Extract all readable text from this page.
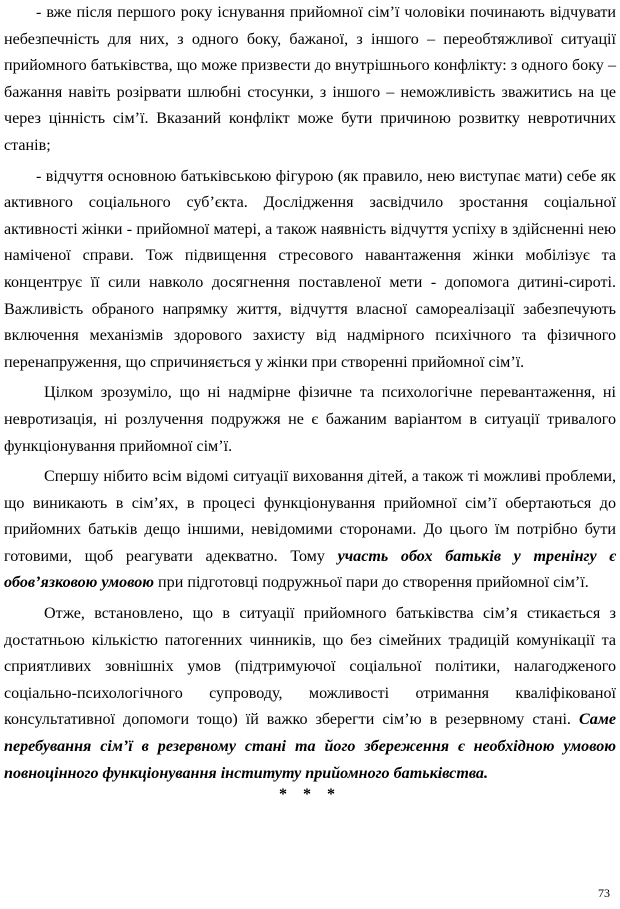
- вже після першого року існування прийомної сім’ї чоловіки починають відчувати небезпечність для них, з одного боку, бажаної, з іншого – переобтяжливої ситуації прийомного батьківства, що може призвести до внутрішнього конфлікту: з одного боку – бажання навіть розірвати шлюбні стосунки, з іншого – неможливість зважитись на це через цінність сім’ї. Вказаний конфлікт може бути причиною розвитку невротичних станів;

- відчуття основною батьківською фігурою (як правило, нею виступає мати) себе як активного соціального суб’єкта. Дослідження засвідчило зростання соціальної активності жінки - прийомної матері, а також наявність відчуття успіху в здійсненні нею наміченої справи. Тож підвищення стресового навантаження жінки мобілізує та концентрує її сили навколо досягнення поставленої мети - допомога дитині-сироті. Важливість обраного напрямку життя, відчуття власної самореалізації забезпечують включення механізмів здорового захисту від надмірного психічного та фізичного перенапруження, що спричиняється у жінки при створенні прийомної сім’ї.

Цілком зрозуміло, що ні надмірне фізичне та психологічне перевантаження, ні невротизація, ні розлучення подружжя не є бажаним варіантом в ситуації тривалого функціонування прийомної сім’ї.

Спершу нібито всім відомі ситуації виховання дітей, а також ті можливі проблеми, що виникають в сім’ях, в процесі функціонування прийомної сім’ї обертаються до прийомних батьків дещо іншими, невідомими сторонами. До цього їм потрібно бути готовими, щоб реагувати адекватно. Тому участь обох батьків у тренінгу є обов’язковою умовою при підготовці подружньої пари до створення прийомної сім’ї.

Отже, встановлено, що в ситуації прийомного батьківства сім’я стикається з достатньою кількістю патогенних чинників, що без сімейних традицій комунікації та сприятливих зовнішніх умов (підтримуючої соціальної політики, налагодженого соціально-психологічного супроводу, можливості отримання кваліфікованої консультативної допомоги тощо) їй важко зберегти сім’ю в резервному стані. Саме перебування сім’ї в резервному стані та його збереження є необхідною умовою повноцінного функціонування інституту прийомного батьківства.

* * *
73
